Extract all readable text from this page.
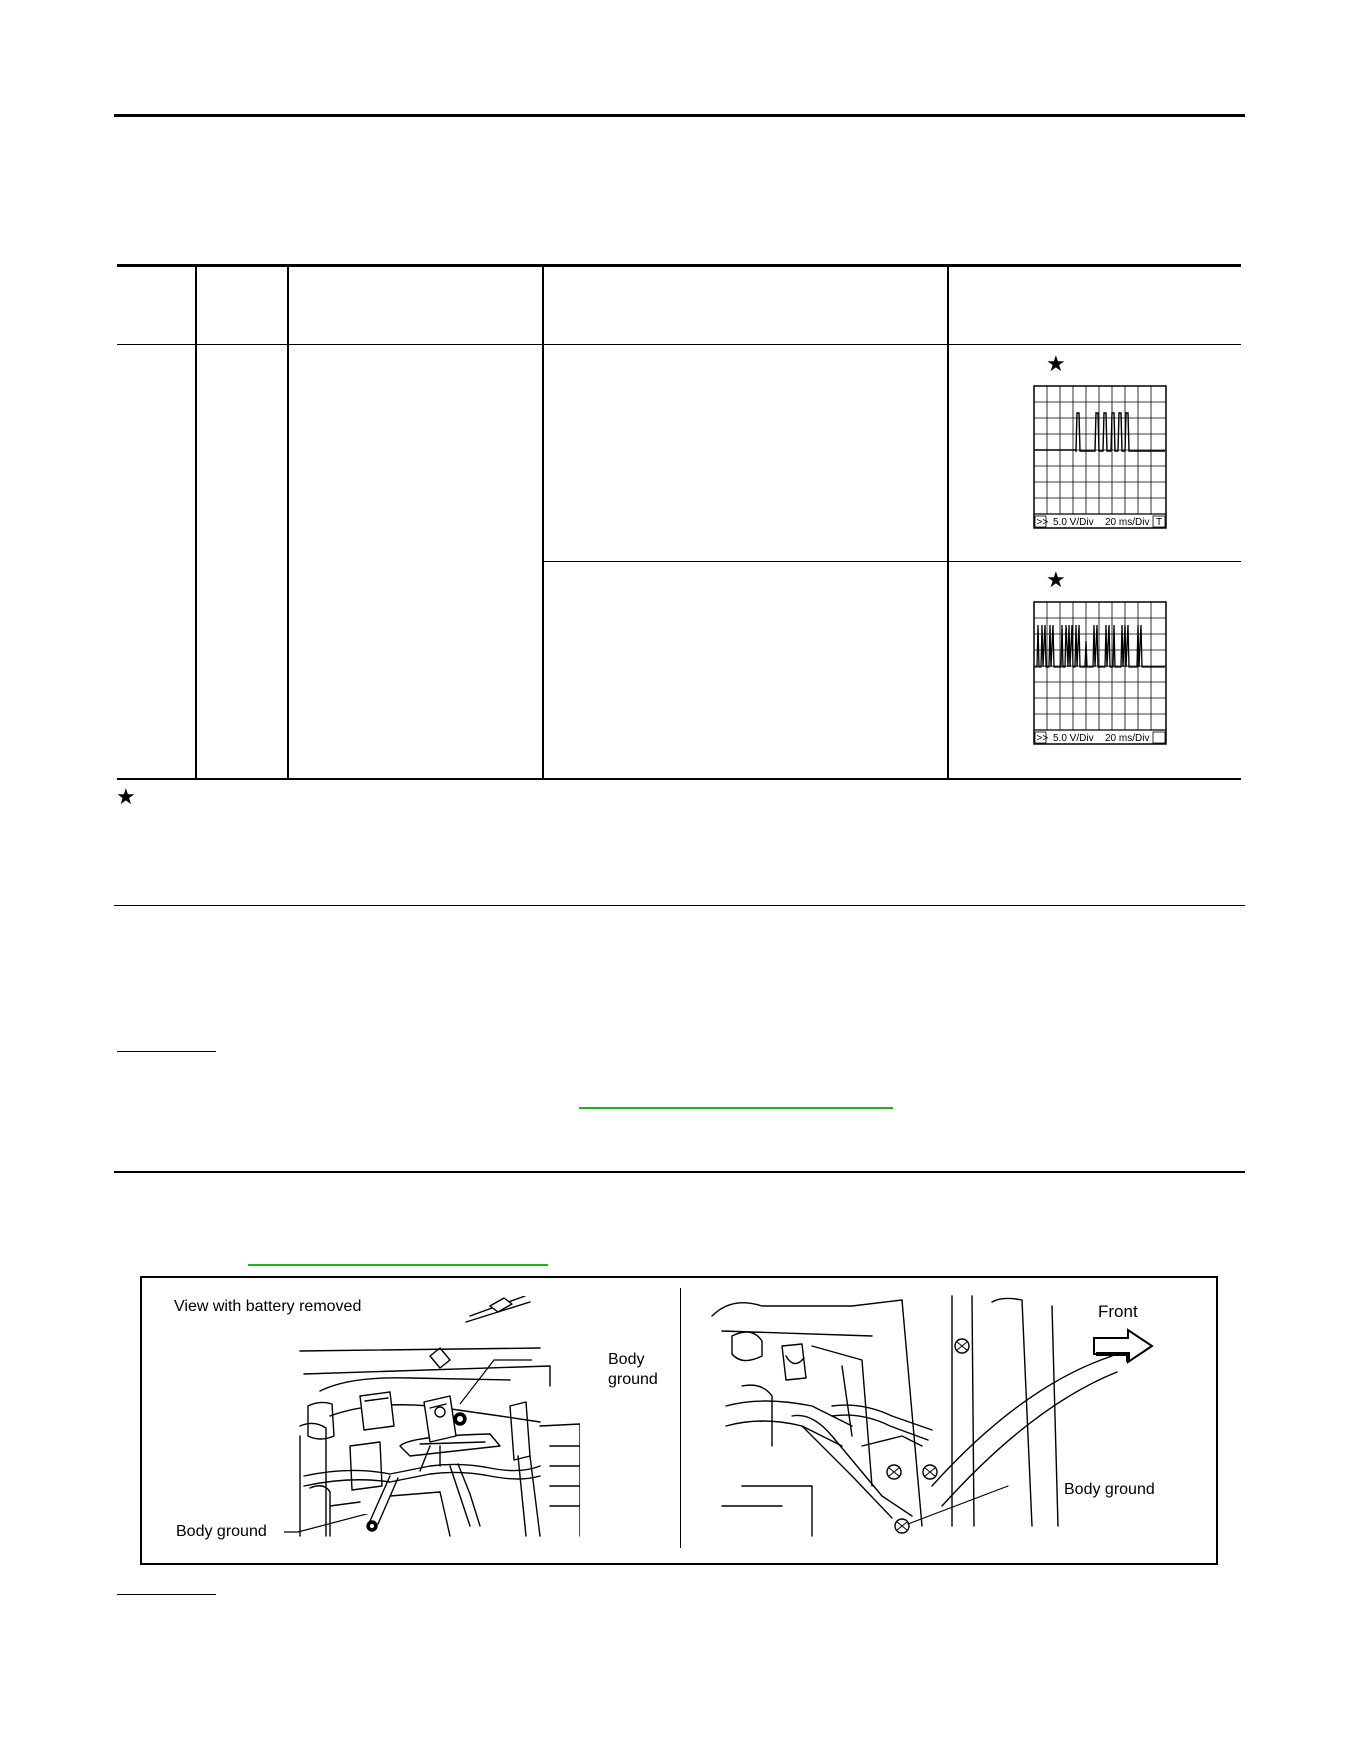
★
>> 5.0 V/Div 20 ms/Div T
★
>> 5.0 V/Div 20 ms/Div
★
View with battery removed
Body ground
Body ground
Front
Body ground
